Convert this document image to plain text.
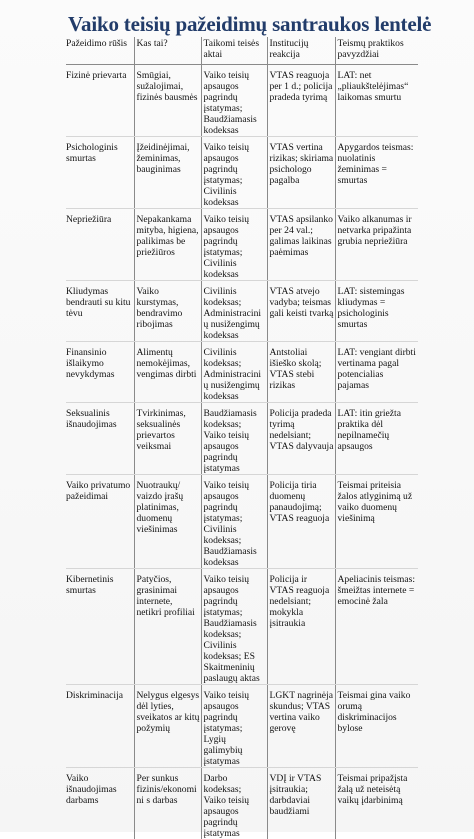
Vaiko teisių pažeidimų santraukos lentelė
Pažeidimo rūšis	Kas tai?	Taikomi teisės aktai	Institucijų reakcija	Teismų praktikos pavyzdžiai
Fizinė prievarta	Smūgiai, sužalojimai, fizinės bausmės	Vaiko teisių apsaugos pagrindų įstatymas; Baudžiamasis kodeksas	VTAS reaguoja per 1 d.; policija pradeda tyrimą	LAT: net „pliaukštelėjimas“ laikomas smurtu
Psichologinis smurtas	Įžeidinėjimai, žeminimas, bauginimas	Vaiko teisių apsaugos pagrindų įstatymas; Civilinis kodeksas	VTAS vertina rizikas; skiriama psichologo pagalba	Apygardos teismas: nuolatinis žeminimas = smurtas
Nepriežiūra	Nepakankama mityba, higiena, palikimas be priežiūros	Vaiko teisių apsaugos pagrindų įstatymas; Civilinis kodeksas	VTAS apsilanko per 24 val.; galimas laikinas paėmimas	Vaiko alkanumas ir netvarka pripažinta grubia nepriežiūra
Kliudymas bendrauti su kitu tėvu	Vaiko kurstymas, bendravimo ribojimas	Civilinis kodeksas; Administracinių nusižengimų kodeksas	VTAS atvejo vadyba; teismas gali keisti tvarką	LAT: sistemingas kliudymas = psichologinis smurtas
Finansinio išlaikymo nevykdymas	Alimentų nemokėjimas, vengimas dirbti	Civilinis kodeksas; Administracinių nusižengimų kodeksas	Antstoliai išieško skolą; VTAS stebi rizikas	LAT: vengiant dirbti vertinama pagal potencialias pajamas
Seksualinis išnaudojimas	Tvirkinimas, seksualinės prievartos veiksmai	Baudžiamasis kodeksas; Vaiko teisių apsaugos pagrindų įstatymas	Policija pradeda tyrimą nedelsiant; VTAS dalyvauja	LAT: itin griežta praktika dėl nepilnamečių apsaugos
Vaiko privatumo pažeidimai	Nuotraukų/ vaizdo įrašų platinimas, duomenų viešinimas	Vaiko teisių apsaugos pagrindų įstatymas; Civilinis kodeksas; Baudžiamasis kodeksas	Policija tiria duomenų panaudojimą; VTAS reaguoja	Teismai priteisia žalos atlyginimą už vaiko duomenų viešinimą
Kibernetinis smurtas	Patyčios, grasinimai internete, netikri profiliai	Vaiko teisių apsaugos pagrindų įstatymas; Baudžiamasis kodeksas; Civilinis kodeksas; ES Skaitmeninių paslaugų aktas	Policija ir VTAS reaguoja nedelsiant; mokykla įsitraukia	Apeliacinis teismas: šmeižtas internete = emocinė žala
Diskriminacija	Nelygus elgesys dėl lyties, sveikatos ar kitų požymių	Vaiko teisių apsaugos pagrindų įstatymas; Lygių galimybių įstatymas	LGKT nagrinėja skundus; VTAS vertina vaiko gerovę	Teismai gina vaiko orumą diskriminacijos bylose
Vaiko išnaudojimas darbams	Per sunkus fizinis/ekonomini s darbas	Darbo kodeksas; Vaiko teisių apsaugos pagrindų įstatymas	VDĮ ir VTAS įsitraukia; darbdaviai baudžiami	Teismai pripažįsta žalą už neteisėtą vaikų įdarbinimą
